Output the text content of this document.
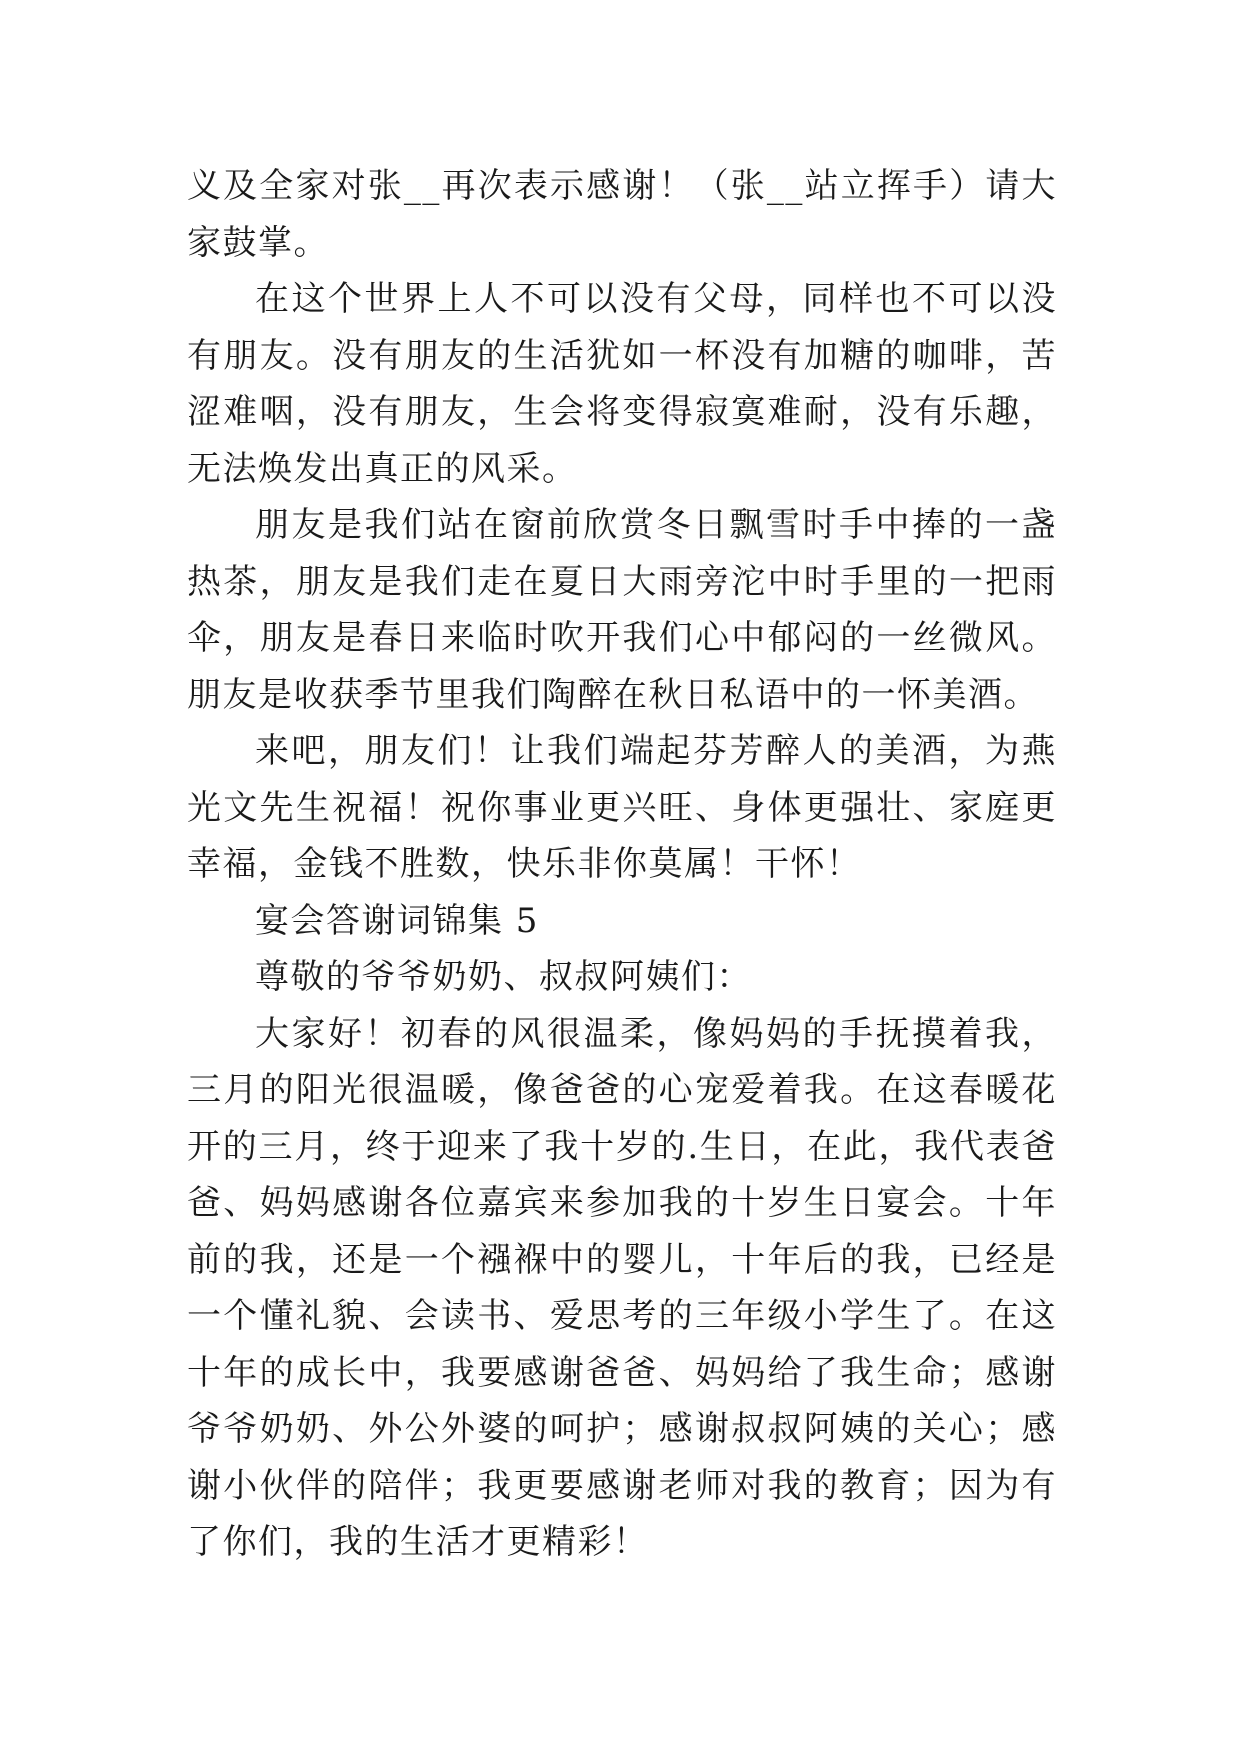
义及全家对张__再次表示感谢！（张__站立挥手）请大家鼓掌。

在这个世界上人不可以没有父母，同样也不可以没有朋友。没有朋友的生活犹如一杯没有加糖的咖啡，苦涩难咽，没有朋友，生会将变得寂寞难耐，没有乐趣，无法焕发出真正的风采。

朋友是我们站在窗前欣赏冬日飘雪时手中捧的一盏热茶，朋友是我们走在夏日大雨旁沱中时手里的一把雨伞，朋友是春日来临时吹开我们心中郁闷的一丝微风。朋友是收获季节里我们陶醉在秋日私语中的一怀美酒。

来吧，朋友们！让我们端起芬芳醉人的美酒，为燕光文先生祝福！祝你事业更兴旺、身体更强壮、家庭更幸福，金钱不胜数，快乐非你莫属！干怀！

宴会答谢词锦集 5

尊敬的爷爷奶奶、叔叔阿姨们：

大家好！初春的风很温柔，像妈妈的手抚摸着我，三月的阳光很温暖，像爸爸的心宠爱着我。在这春暖花开的三月，终于迎来了我十岁的.生日，在此，我代表爸爸、妈妈感谢各位嘉宾来参加我的十岁生日宴会。十年前的我，还是一个襁褓中的婴儿，十年后的我，已经是一个懂礼貌、会读书、爱思考的三年级小学生了。在这十年的成长中，我要感谢爸爸、妈妈给了我生命；感谢爷爷奶奶、外公外婆的呵护；感谢叔叔阿姨的关心；感谢小伙伴的陪伴；我更要感谢老师对我的教育；因为有了你们，我的生活才更精彩！
